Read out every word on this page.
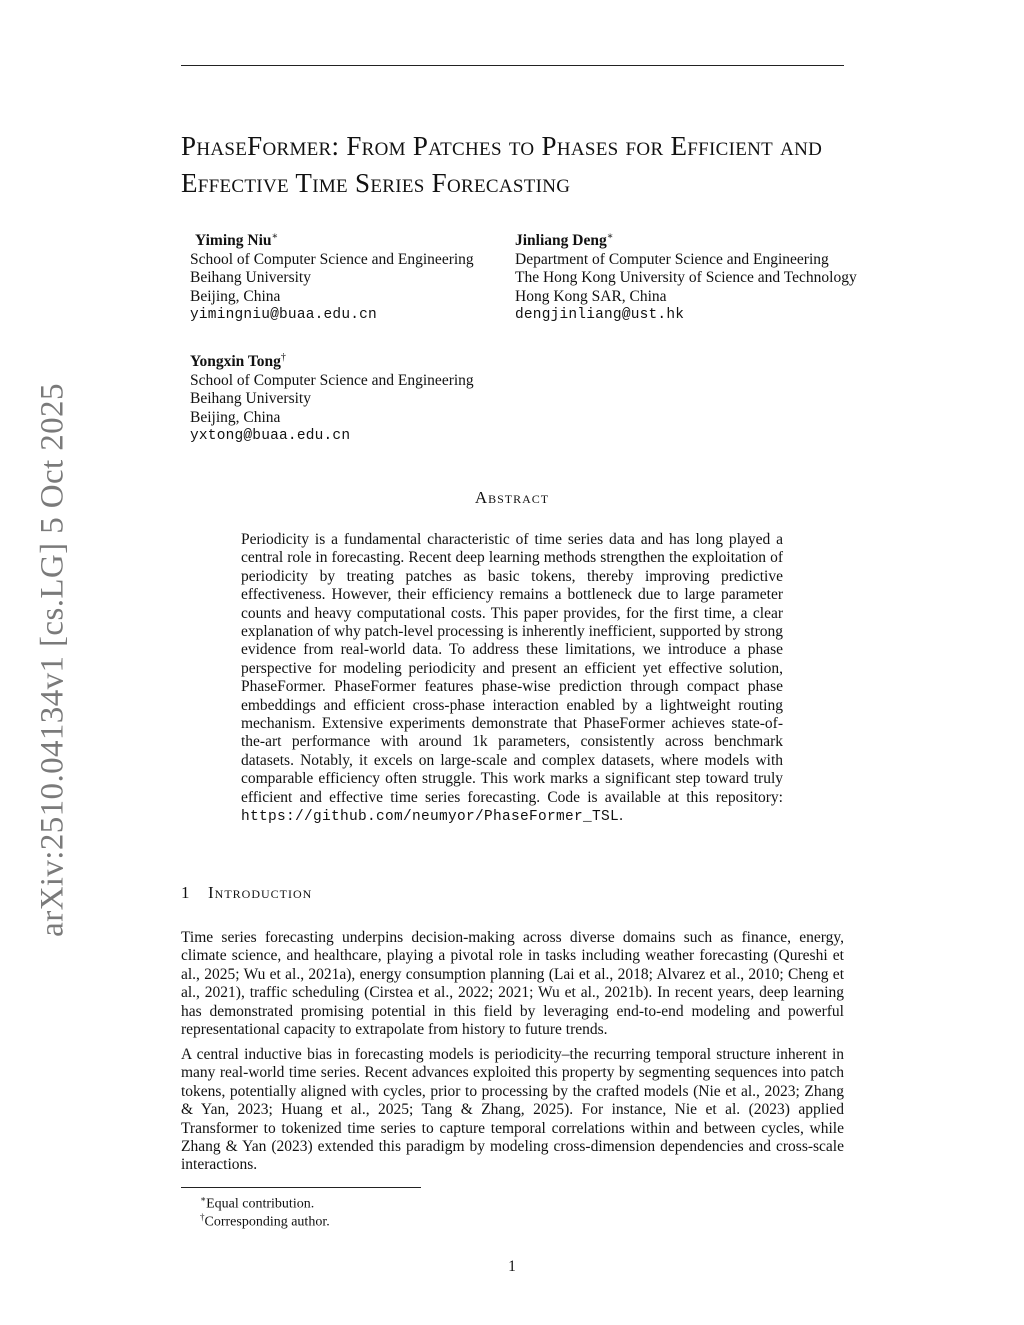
arXiv:2510.04134v1 [cs.LG] 5 Oct 2025
PhaseFormer: From Patches to Phases for Efficient and Effective Time Series Forecasting
Yiming Niu∗
School of Computer Science and Engineering
Beihang University
Beijing, China
yimingniu@buaa.edu.cn
Jinliang Deng∗
Department of Computer Science and Engineering
The Hong Kong University of Science and Technology
Hong Kong SAR, China
dengjinliang@ust.hk
Yongxin Tong†
School of Computer Science and Engineering
Beihang University
Beijing, China
yxtong@buaa.edu.cn
Abstract

Periodicity is a fundamental characteristic of time series data and has long played a central role in forecasting. Recent deep learning methods strengthen the exploitation of periodicity by treating patches as basic tokens, thereby improving predictive effectiveness. However, their efficiency remains a bottleneck due to large parameter counts and heavy computational costs. This paper provides, for the first time, a clear explanation of why patch-level processing is inherently inefficient, supported by strong evidence from real-world data. To address these limitations, we introduce a phase perspective for modeling periodicity and present an efficient yet effective solution, PhaseFormer. PhaseFormer features phase-wise prediction through compact phase embeddings and efficient cross-phase interaction enabled by a lightweight routing mechanism. Extensive experiments demonstrate that PhaseFormer achieves state-of-the-art performance with around 1k parameters, consistently across benchmark datasets. Notably, it excels on large-scale and complex datasets, where models with comparable efficiency often struggle. This work marks a significant step toward truly efficient and effective time series forecasting. Code is available at this repository: https://github.com/neumyor/PhaseFormer_TSL.

1 Introduction

Time series forecasting underpins decision-making across diverse domains such as finance, energy, climate science, and healthcare, playing a pivotal role in tasks including weather forecasting (Qureshi et al., 2025; Wu et al., 2021a), energy consumption planning (Lai et al., 2018; Alvarez et al., 2010; Cheng et al., 2021), traffic scheduling (Cirstea et al., 2022; 2021; Wu et al., 2021b). In recent years, deep learning has demonstrated promising potential in this field by leveraging end-to-end modeling and powerful representational capacity to extrapolate from history to future trends.

A central inductive bias in forecasting models is periodicity–the recurring temporal structure inherent in many real-world time series. Recent advances exploited this property by segmenting sequences into patch tokens, potentially aligned with cycles, prior to processing by the crafted models (Nie et al., 2023; Zhang & Yan, 2023; Huang et al., 2025; Tang & Zhang, 2025). For instance, Nie et al. (2023) applied Transformer to tokenized time series to capture temporal correlations within and between cycles, while Zhang & Yan (2023) extended this paradigm by modeling cross-dimension dependencies and cross-scale interactions.

∗Equal contribution.
†Corresponding author.
1
